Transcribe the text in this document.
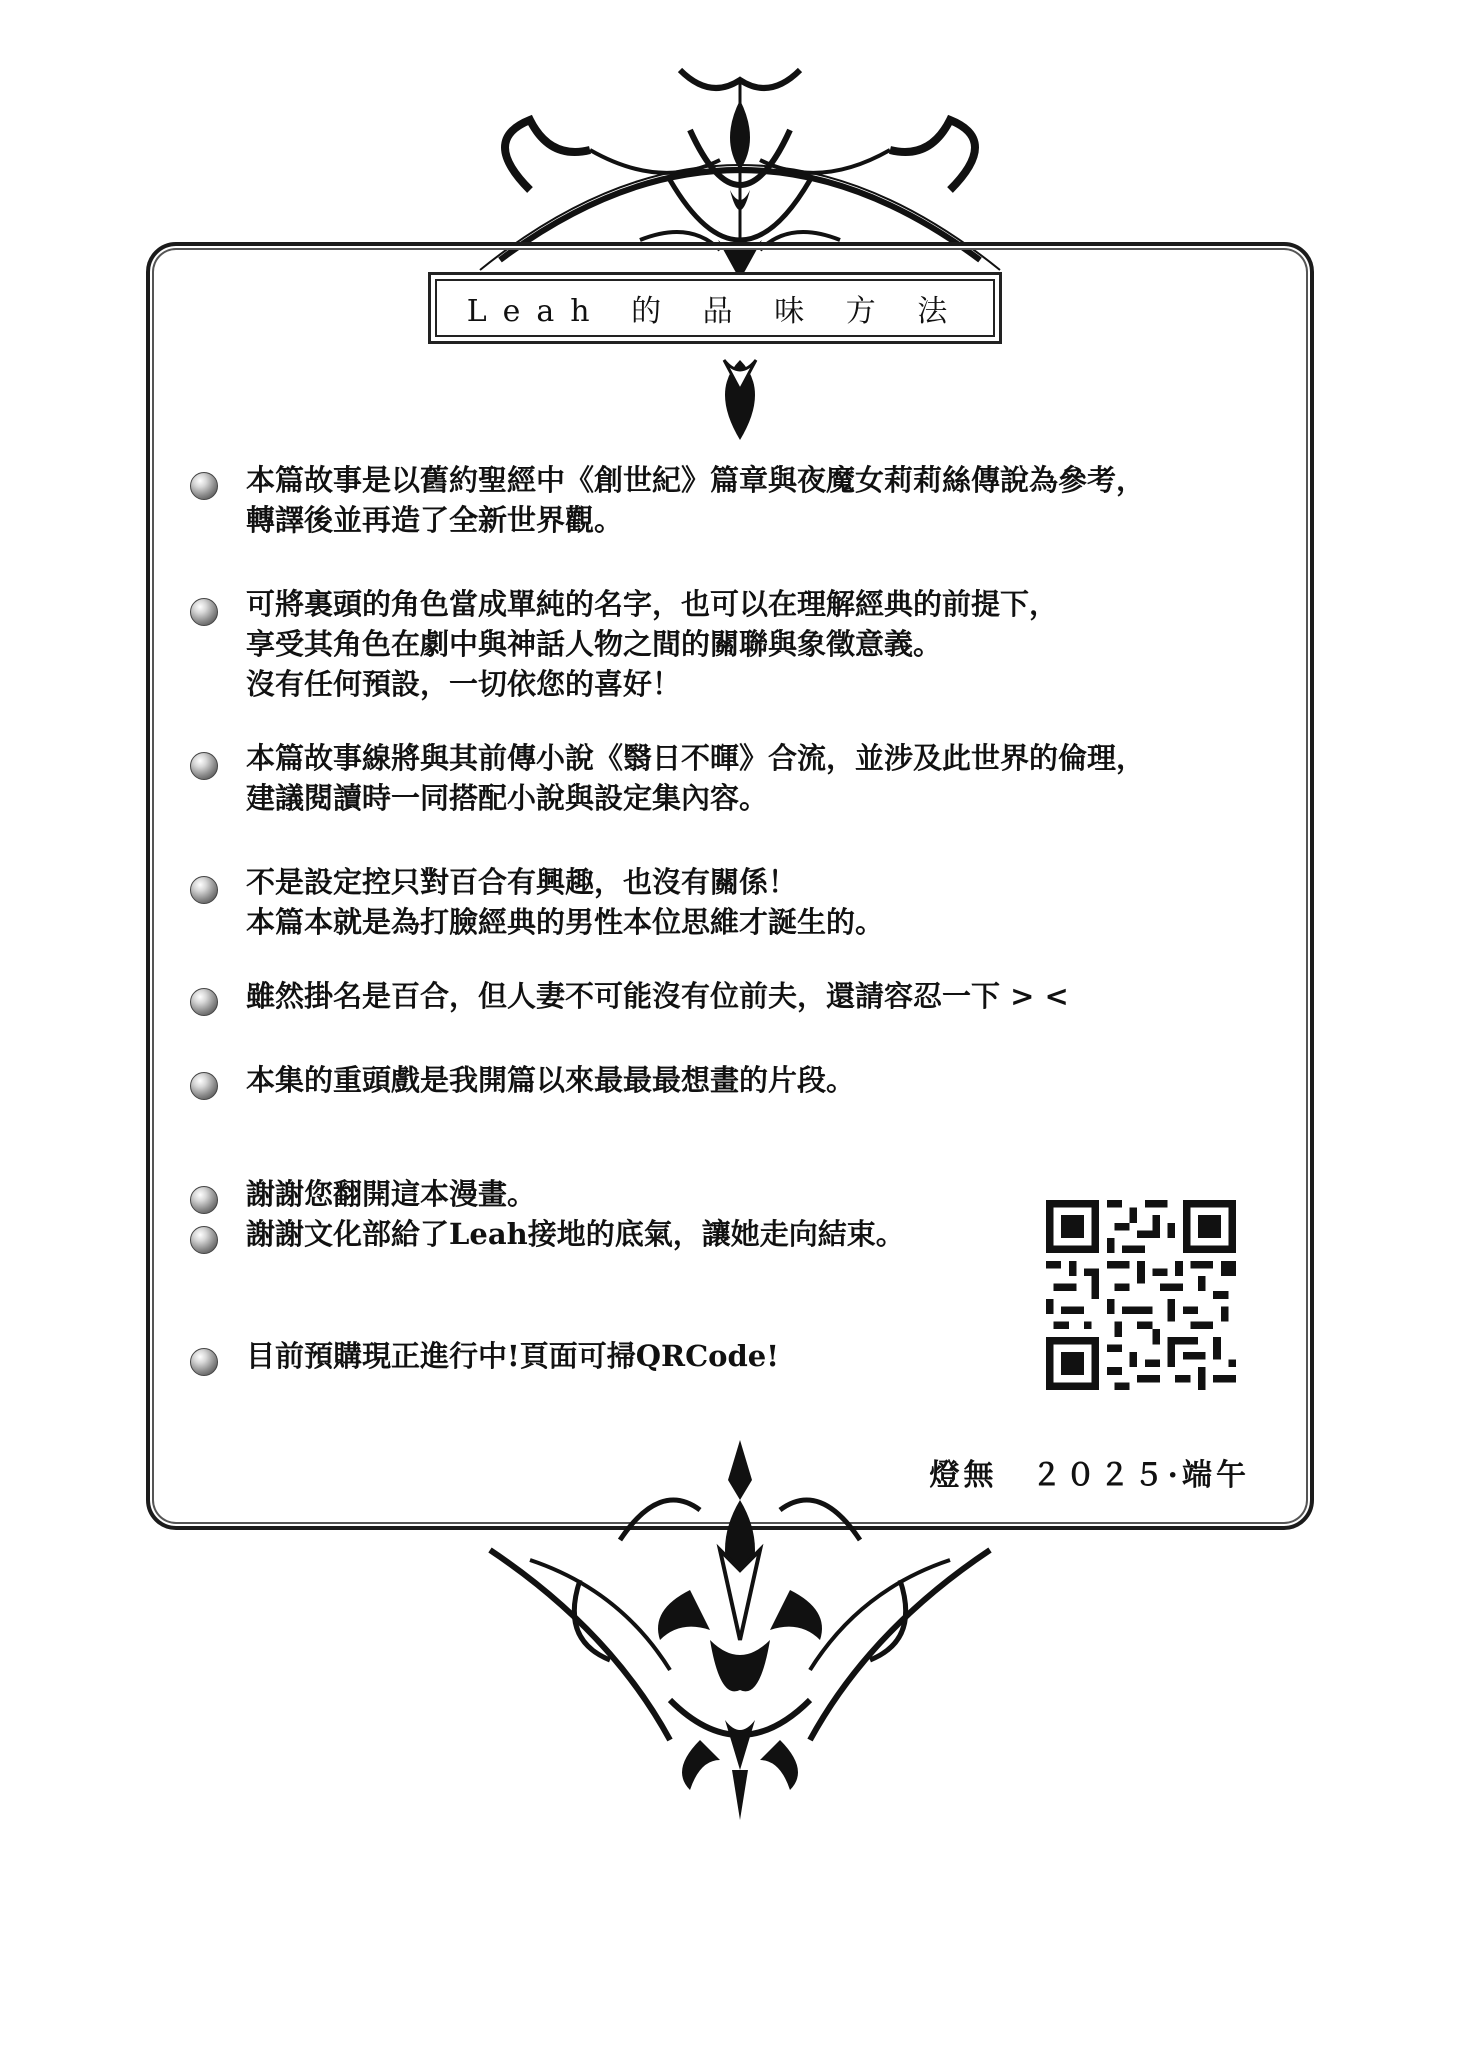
Leah 的 品 味 方 法
本篇故事是以舊約聖經中《創世紀》篇章與夜魔女莉莉絲傳說為參考，
轉譯後並再造了全新世界觀。
可將裏頭的角色當成單純的名字，也可以在理解經典的前提下，
享受其角色在劇中與神話人物之間的關聯與象徵意義。
沒有任何預設，一切依您的喜好！
本篇故事線將與其前傳小說《翳日不暉》合流，並涉及此世界的倫理，
建議閱讀時一同搭配小說與設定集內容。
不是設定控只對百合有興趣，也沒有關係！
本篇本就是為打臉經典的男性本位思維才誕生的。
雖然掛名是百合，但人妻不可能沒有位前夫，還請容忍一下 > <
本集的重頭戲是我開篇以來最最最想畫的片段。
謝謝您翻開這本漫畫。
謝謝文化部給了Leah接地的底氣，讓她走向結束。
目前預購現正進行中!頁面可掃QRCode!
燈無　２０２５·端午
